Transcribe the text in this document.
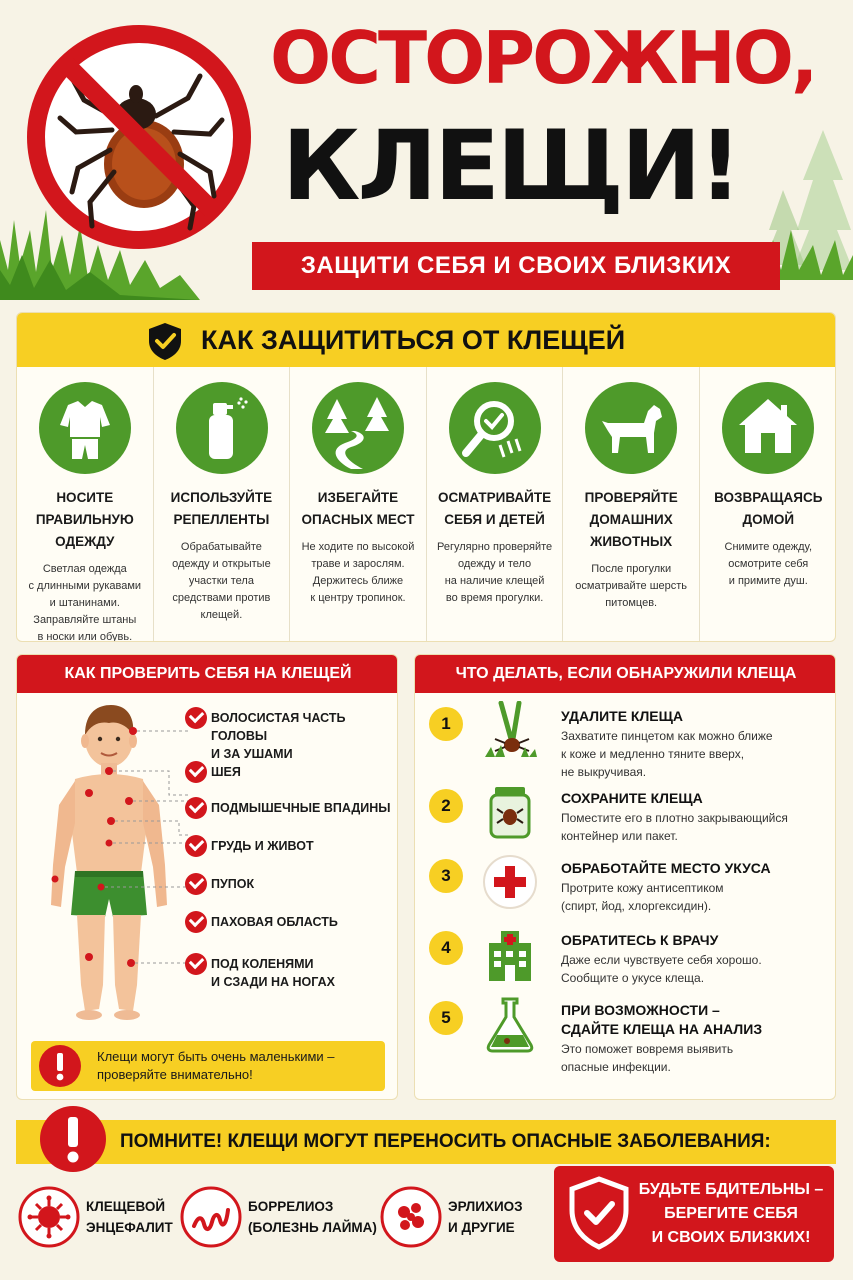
ОСТОРОЖНО,
КЛЕЩИ!
ЗАЩИТИ СЕБЯ И СВОИХ БЛИЗКИХ
КАК ЗАЩИТИТЬСЯ ОТ КЛЕЩЕЙ
НОСИТЕ
ПРАВИЛЬНУЮ
ОДЕЖДУ
Светлая одежда
с длинными рукавами
и штанинами.
Заправляйте штаны
в носки или обувь.
ИСПОЛЬЗУЙТЕ
РЕПЕЛЛЕНТЫ
Обрабатывайте
одежду и открытые
участки тела
средствами против
клещей.
ИЗБЕГАЙТЕ
ОПАСНЫХ МЕСТ
Не ходите по высокой
траве и зарослям.
Держитесь ближе
к центру тропинок.
ОСМАТРИВАЙТЕ
СЕБЯ И ДЕТЕЙ
Регулярно проверяйте
одежду и тело
на наличие клещей
во время прогулки.
ПРОВЕРЯЙТЕ
ДОМАШНИХ
ЖИВОТНЫХ
После прогулки
осматривайте шерсть
питомцев.
ВОЗВРАЩАЯСЬ
ДОМОЙ
Снимите одежду,
осмотрите себя
и примите душ.
КАК ПРОВЕРИТЬ СЕБЯ НА КЛЕЩЕЙ
ВОЛОСИСТАЯ ЧАСТЬ ГОЛОВЫ
И ЗА УШАМИ
ШЕЯ
ПОДМЫШЕЧНЫЕ ВПАДИНЫ
ГРУДЬ И ЖИВОТ
ПУПОК
ПАХОВАЯ ОБЛАСТЬ
ПОД КОЛЕНЯМИ
И СЗАДИ НА НОГАХ
Клещи могут быть очень маленькими –
проверяйте внимательно!
ЧТО ДЕЛАТЬ, ЕСЛИ ОБНАРУЖИЛИ КЛЕЩА
1	УДАЛИТЕ КЛЕЩА
Захватите пинцетом как можно ближе
к коже и медленно тяните вверх,
не выкручивая.
2	СОХРАНИТЕ КЛЕЩА
Поместите его в плотно закрывающийся
контейнер или пакет.
3	ОБРАБОТАЙТЕ МЕСТО УКУСА
Протрите кожу антисептиком
(спирт, йод, хлоргексидин).
4	ОБРАТИТЕСЬ К ВРАЧУ
Даже если чувствуете себя хорошо.
Сообщите о укусе клеща.
5	ПРИ ВОЗМОЖНОСТИ –
СДАЙТЕ КЛЕЩА НА АНАЛИЗ
Это поможет вовремя выявить
опасные инфекции.
ПОМНИТЕ! КЛЕЩИ МОГУТ ПЕРЕНОСИТЬ ОПАСНЫЕ ЗАБОЛЕВАНИЯ:
КЛЕЩЕВОЙ
ЭНЦЕФАЛИТ
БОРРЕЛИОЗ
(БОЛЕЗНЬ ЛАЙМА)
ЭРЛИХИОЗ
И ДРУГИЕ
БУДЬТЕ БДИТЕЛЬНЫ –
БЕРЕГИТЕ СЕБЯ
И СВОИХ БЛИЗКИХ!
